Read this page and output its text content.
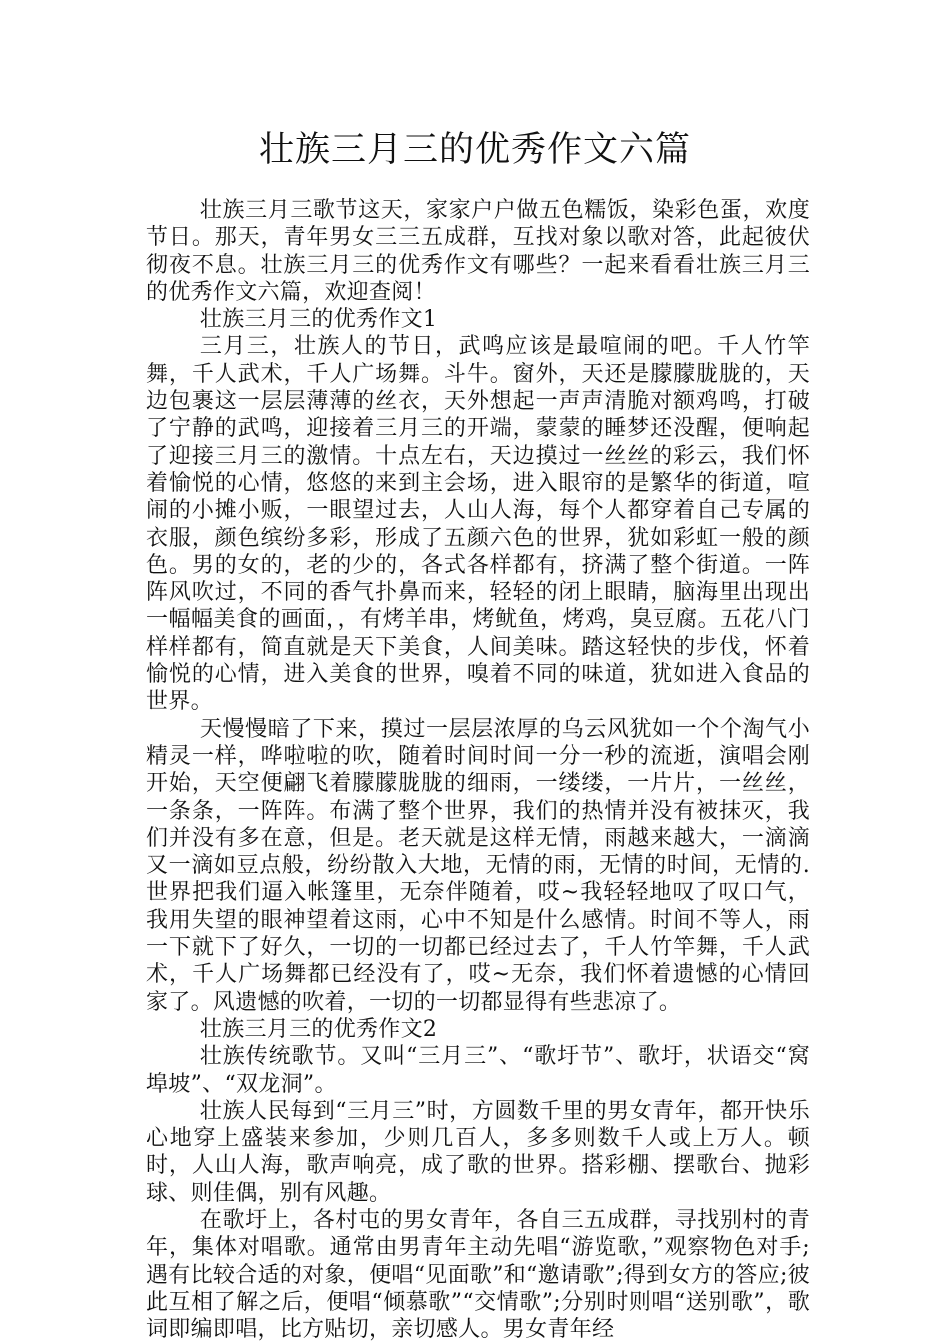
壮族三月三的优秀作文六篇

壮族三月三歌节这天，家家户户做五色糯饭，染彩色蛋，欢度节日。那天，青年男女三三五成群，互找对象以歌对答，此起彼伏彻夜不息。壮族三月三的优秀作文有哪些？一起来看看壮族三月三的优秀作文六篇，欢迎查阅！

壮族三月三的优秀作文1

三月三，壮族人的节日，武鸣应该是最喧闹的吧。千人竹竿舞，千人武术，千人广场舞。斗牛。窗外，天还是朦朦胧胧的，天边包裹这一层层薄薄的丝衣，天外想起一声声清脆对额鸡鸣，打破了宁静的武鸣，迎接着三月三的开端，蒙蒙的睡梦还没醒，便响起了迎接三月三的激情。十点左右，天边摸过一丝丝的彩云，我们怀着愉悦的心情，悠悠的来到主会场，进入眼帘的是繁华的街道，喧闹的小摊小贩，一眼望过去，人山人海，每个人都穿着自己专属的衣服，颜色缤纷多彩，形成了五颜六色的世界，犹如彩虹一般的颜色。男的女的，老的少的，各式各样都有，挤满了整个街道。一阵阵风吹过，不同的香气扑鼻而来，轻轻的闭上眼睛，脑海里出现出一幅幅美食的画面，，有烤羊串，烤鱿鱼，烤鸡，臭豆腐。五花八门样样都有，简直就是天下美食，人间美味。踏这轻快的步伐，怀着愉悦的心情，进入美食的世界，嗅着不同的味道，犹如进入食品的世界。

天慢慢暗了下来，摸过一层层浓厚的乌云风犹如一个个淘气小精灵一样，哗啦啦的吹，随着时间时间一分一秒的流逝，演唱会刚开始，天空便翩飞着朦朦胧胧的细雨，一缕缕，一片片，一丝丝，一条条，一阵阵。布满了整个世界，我们的热情并没有被抹灭，我们并没有多在意，但是。老天就是这样无情，雨越来越大，一滴滴又一滴如豆点般，纷纷散入大地，无情的雨，无情的时间，无情的.世界把我们逼入帐篷里，无奈伴随着，哎~我轻轻地叹了叹口气，我用失望的眼神望着这雨，心中不知是什么感情。时间不等人，雨一下就下了好久，一切的一切都已经过去了，千人竹竿舞，千人武术，千人广场舞都已经没有了，哎~无奈，我们怀着遗憾的心情回家了。风遗憾的吹着，一切的一切都显得有些悲凉了。

壮族三月三的优秀作文2

壮族传统歌节。又叫“三月三”、“歌圩节”、歌圩，状语交“窝埠坡”、“双龙洞”。

壮族人民每到“三月三”时，方圆数千里的男女青年，都开快乐心地穿上盛装来参加，少则几百人，多多则数千人或上万人。顿时，人山人海，歌声响亮，成了歌的世界。搭彩棚、摆歌台、抛彩球、则佳偶，别有风趣。

在歌圩上，各村屯的男女青年，各自三五成群，寻找别村的青年，集体对唱歌。通常由男青年主动先唱“游览歌，”观察物色对手;遇有比较合适的对象，便唱“见面歌”和“邀请歌”;得到女方的答应;彼此互相了解之后，便唱“倾慕歌”“交情歌”;分别时则唱“送别歌”，歌词即编即唱，比方贴切，亲切感人。男女青年经
